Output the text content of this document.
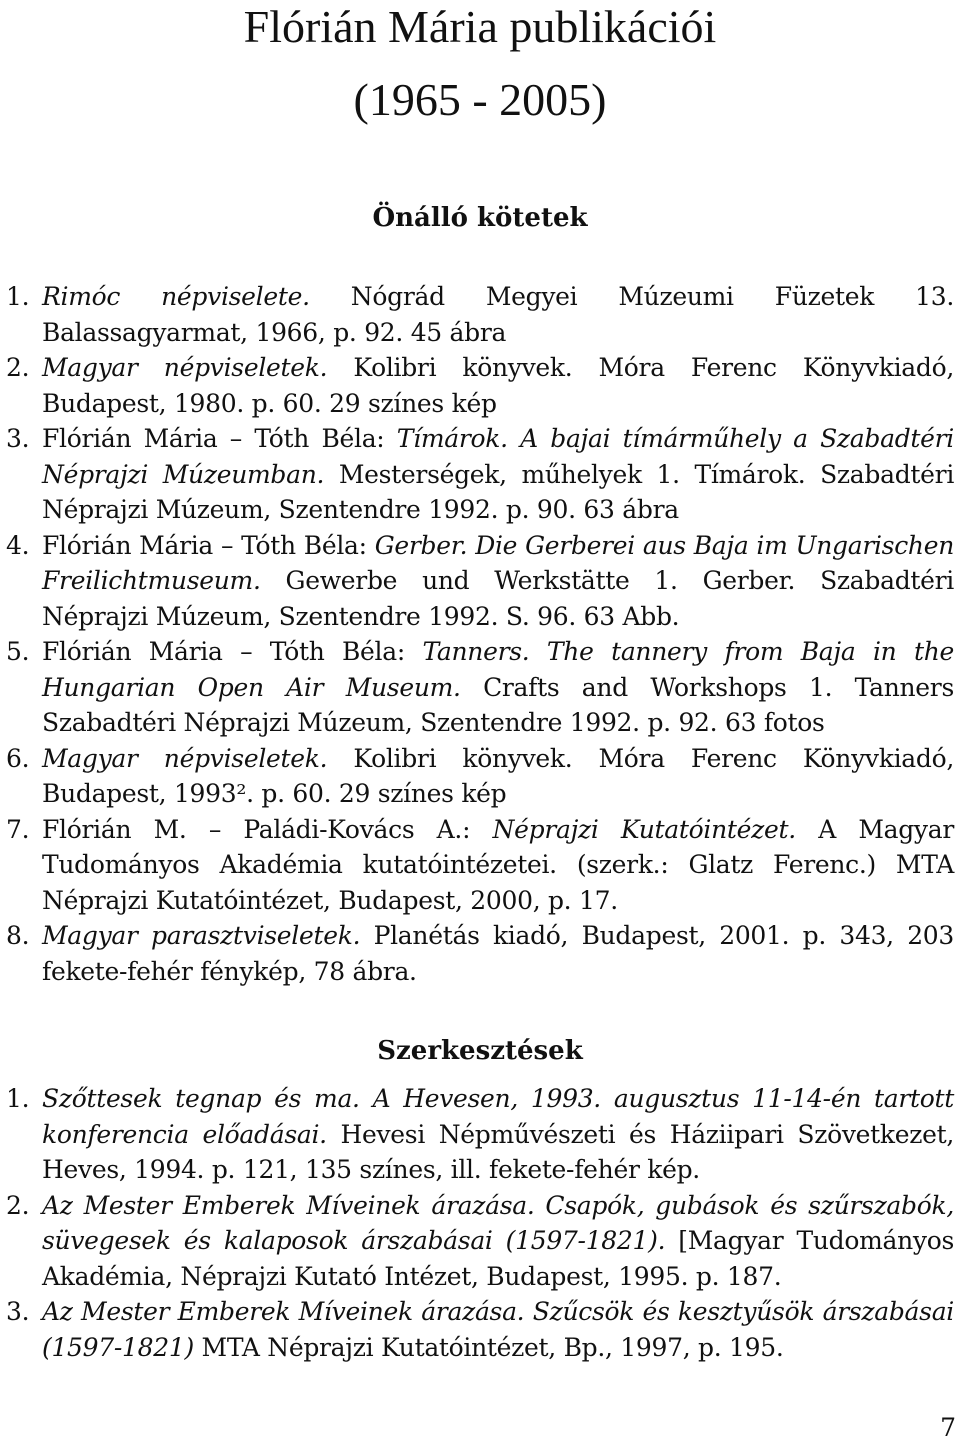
Flórián Mária publikációi
(1965 - 2005)
Önálló kötetek
1. Rimóc népviselete. Nógrád Megyei Múzeumi Füzetek 13. Balassagyarmat, 1966, p. 92. 45 ábra
2. Magyar népviseletek. Kolibri könyvek. Móra Ferenc Könyvkiadó, Budapest, 1980. p. 60. 29 színes kép
3. Flórián Mária – Tóth Béla: Tímárok. A bajai tímárműhely a Szabadtéri Néprajzi Múzeumban. Mesterségek, műhelyek 1. Tímárok. Szabadtéri Néprajzi Múzeum, Szentendre 1992. p. 90. 63 ábra
4. Flórián Mária – Tóth Béla: Gerber. Die Gerberei aus Baja im Ungarischen Freilichtmuseum. Gewerbe und Werkstätte 1. Gerber. Szabadtéri Néprajzi Múzeum, Szentendre 1992. S. 96. 63 Abb.
5. Flórián Mária – Tóth Béla: Tanners. The tannery from Baja in the Hungarian Open Air Museum. Crafts and Workshops 1. Tanners Szabadtéri Néprajzi Múzeum, Szentendre 1992. p. 92. 63 fotos
6. Magyar népviseletek. Kolibri könyvek. Móra Ferenc Könyvkiadó, Budapest, 1993². p. 60. 29 színes kép
7. Flórián M. – Paládi-Kovács A.: Néprajzi Kutatóintézet. A Magyar Tudományos Akadémia kutatóintézetei. (szerk.: Glatz Ferenc.) MTA Néprajzi Kutatóintézet, Budapest, 2000, p. 17.
8. Magyar parasztviseletek. Planétás kiadó, Budapest, 2001. p. 343, 203 fekete-fehér fénykép, 78 ábra.
Szerkesztések
1. Szőttesek tegnap és ma. A Hevesen, 1993. augusztus 11-14-én tartott konferencia előadásai. Hevesi Népművészeti és Háziipari Szövetkezet, Heves, 1994. p. 121, 135 színes, ill. fekete-fehér kép.
2. Az Mester Emberek Míveinek árazása. Csapók, gubások és szűrszabók, süvegesek és kalaposok árszabásai (1597-1821). [Magyar Tudományos Akadémia, Néprajzi Kutató Intézet, Budapest, 1995. p. 187.
3. Az Mester Emberek Míveinek árazása. Szűcsök és kesztyűsök árszabásai (1597-1821) MTA Néprajzi Kutatóintézet, Bp., 1997, p. 195.
7
